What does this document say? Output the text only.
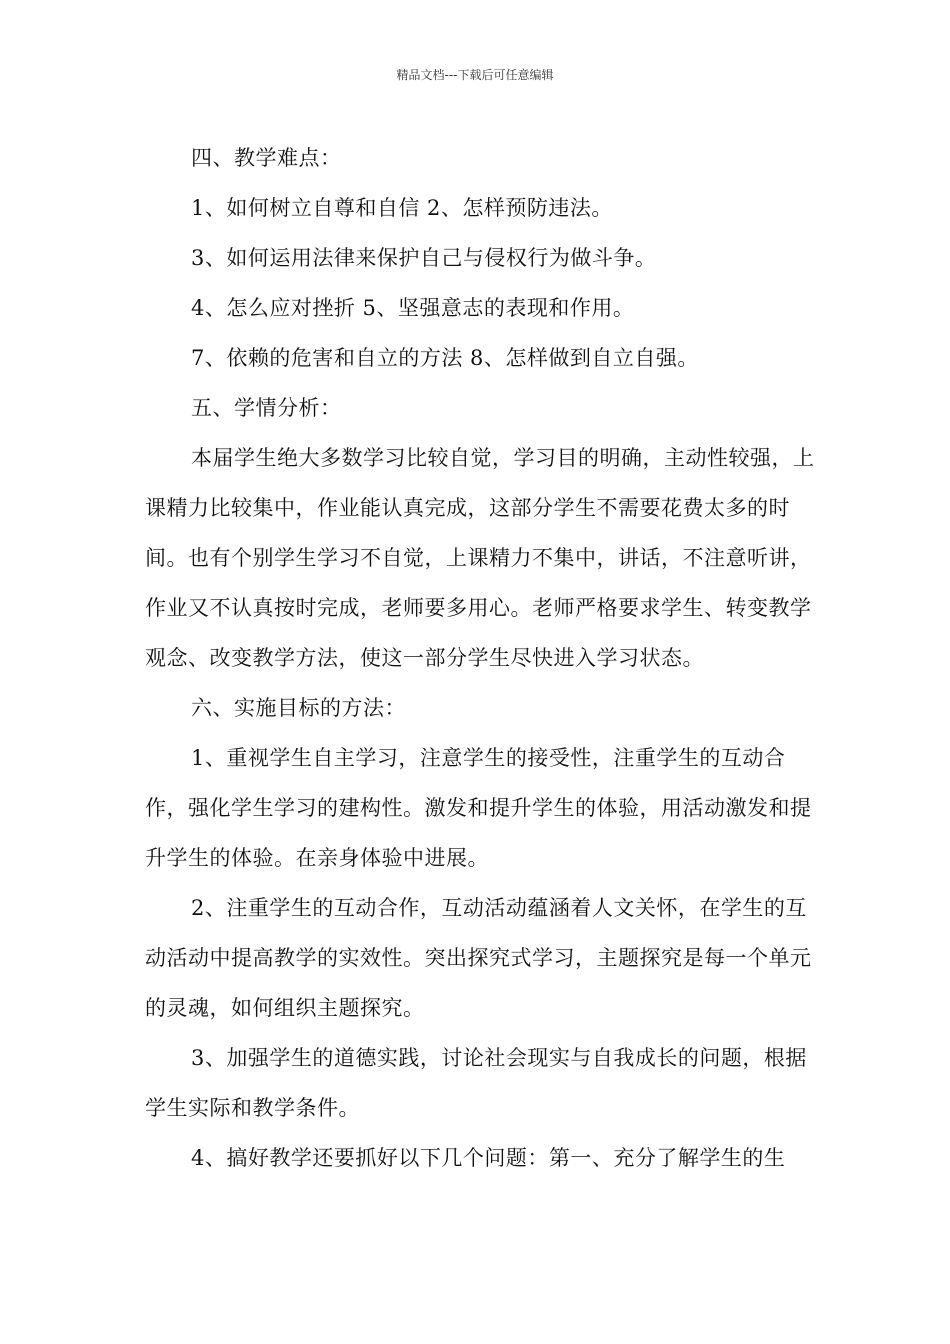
精品文档---下载后可任意编辑

四、教学难点：

1、如何树立自尊和自信 2、怎样预防违法。

3、如何运用法律来保护自己与侵权行为做斗争。

4、怎么应对挫折 5、坚强意志的表现和作用。

7、依赖的危害和自立的方法 8、怎样做到自立自强。

五、学情分析：

本届学生绝大多数学习比较自觉，学习目的明确，主动性较强，上课精力比较集中，作业能认真完成，这部分学生不需要花费太多的时间。也有个别学生学习不自觉，上课精力不集中，讲话，不注意听讲，作业又不认真按时完成，老师要多用心。老师严格要求学生、转变教学观念、改变教学方法，使这一部分学生尽快进入学习状态。

六、实施目标的方法：

1、重视学生自主学习，注意学生的接受性，注重学生的互动合作，强化学生学习的建构性。激发和提升学生的体验，用活动激发和提升学生的体验。在亲身体验中进展。

2、注重学生的互动合作，互动活动蕴涵着人文关怀，在学生的互动活动中提高教学的实效性。突出探究式学习，主题探究是每一个单元的灵魂，如何组织主题探究。

3、加强学生的道德实践，讨论社会现实与自我成长的问题，根据学生实际和教学条件。

4、搞好教学还要抓好以下几个问题：第一、充分了解学生的生
